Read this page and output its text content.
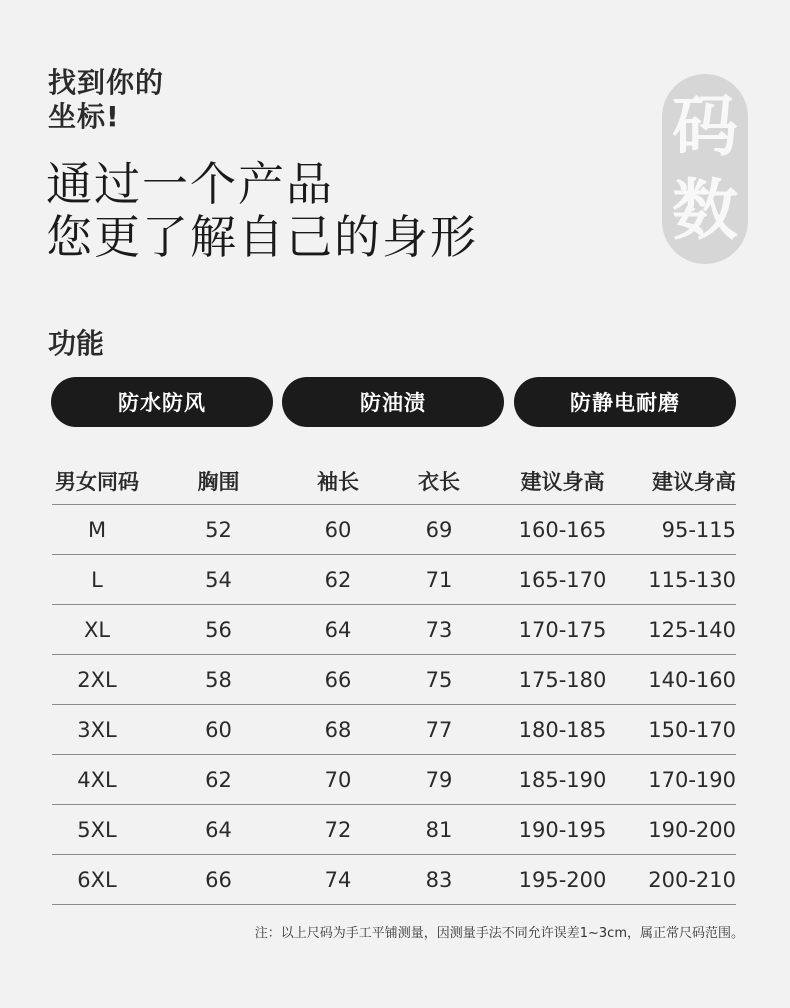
找到你的
坐标!
通过一个产品
您更了解自己的身形
码
数
功能
防水防风	防油渍	防静电耐磨
男女同码	胸围	袖长	衣长	建议身高	建议身高
M	52	60	69	160-165	95-115
L	54	62	71	165-170	115-130
XL	56	64	73	170-175	125-140
2XL	58	66	75	175-180	140-160
3XL	60	68	77	180-185	150-170
4XL	62	70	79	185-190	170-190
5XL	64	72	81	190-195	190-200
6XL	66	74	83	195-200	200-210
注：以上尺码为手工平铺测量，因测量手法不同允许误差1~3cm，属正常尺码范围。
